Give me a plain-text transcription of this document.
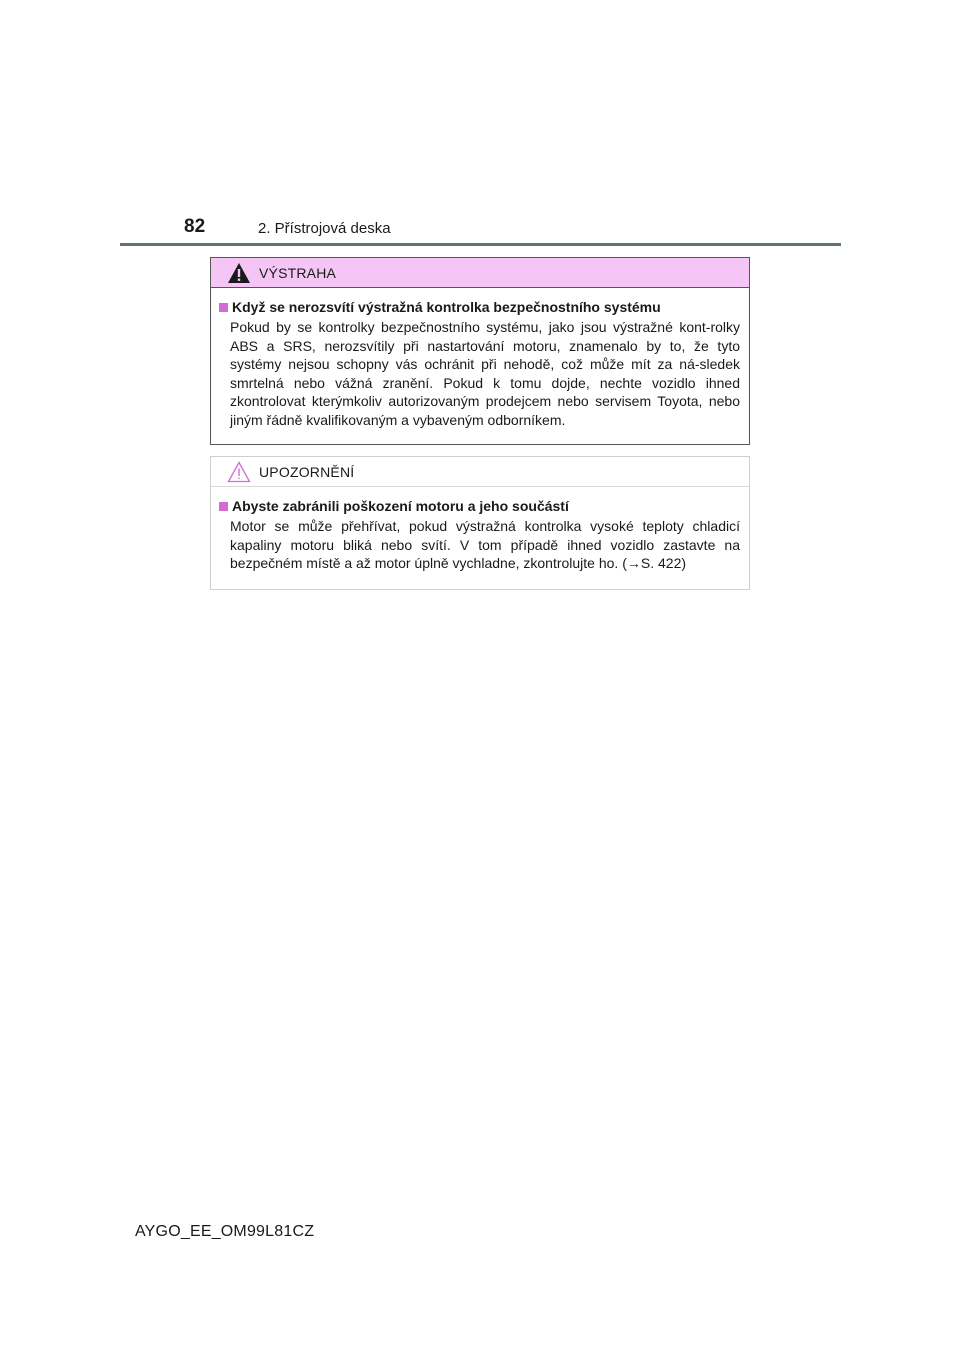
82	2. Přístrojová deska
VÝSTRAHA
Když se nerozsvítí výstražná kontrolka bezpečnostního systému
Pokud by se kontrolky bezpečnostního systému, jako jsou výstražné kont-rolky ABS a SRS, nerozsvítily při nastartování motoru, znamenalo by to, že tyto systémy nejsou schopny vás ochránit při nehodě, což může mít za ná-sledek smrtelná nebo vážná zranění. Pokud k tomu dojde, nechte vozidlo ihned zkontrolovat kterýmkoliv autorizovaným prodejcem nebo servisem Toyota, nebo jiným řádně kvalifikovaným a vybaveným odborníkem.
UPOZORNĚNÍ
Abyste zabránili poškození motoru a jeho součástí
Motor se může přehřívat, pokud výstražná kontrolka vysoké teploty chladicí kapaliny motoru bliká nebo svítí. V tom případě ihned vozidlo zastavte na bezpečném místě a až motor úplně vychladne, zkontrolujte ho. (→S. 422)
AYGO_EE_OM99L81CZ
